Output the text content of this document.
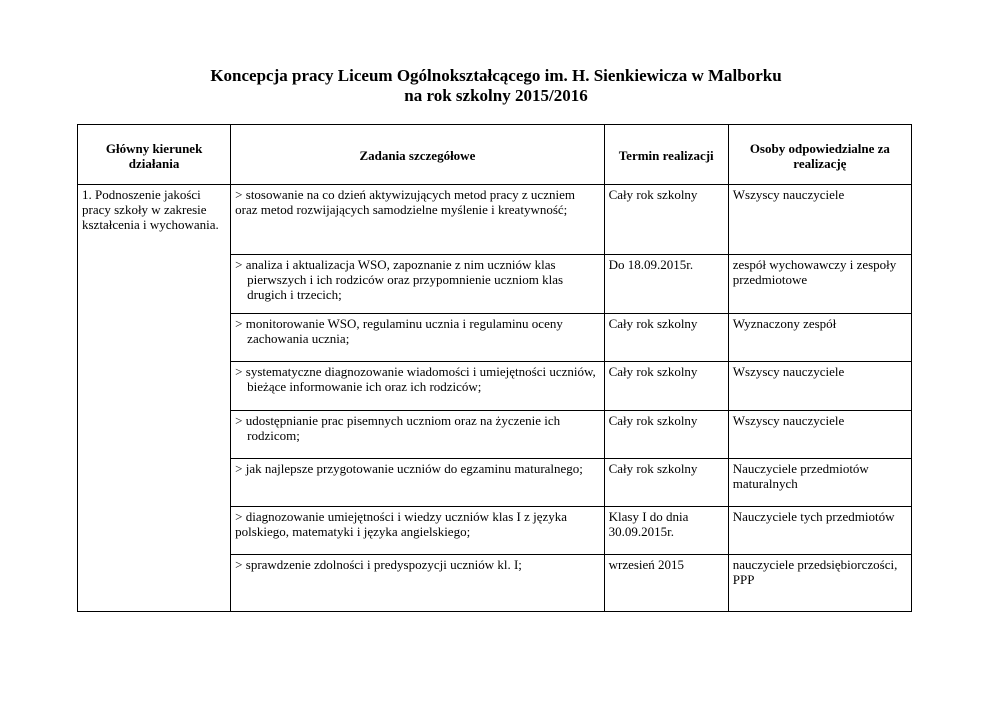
Koncepcja pracy Liceum Ogólnokształcącego im. H. Sienkiewicza w Malborku
na rok szkolny 2015/2016
Główny kierunek działania	Zadania szczegółowe	Termin realizacji	Osoby odpowiedzialne za realizację
1. Podnoszenie jakości pracy szkoły w zakresie kształcenia i wychowania.	> stosowanie na co dzień aktywizujących metod pracy z uczniem oraz metod rozwijających samodzielne myślenie i kreatywność;	Cały rok szkolny	Wszyscy nauczyciele

	> analiza i aktualizacja WSO, zapoznanie z nim uczniów klas pierwszych i ich rodziców oraz przypomnienie uczniom klas drugich i trzecich;	Do 18.09.2015r.	zespół wychowawczy i zespoły przedmiotowe

	> monitorowanie WSO, regulaminu ucznia i regulaminu oceny zachowania ucznia;	Cały rok szkolny	Wyznaczony zespół

	> systematyczne diagnozowanie wiadomości i umiejętności uczniów, bieżące informowanie ich oraz ich rodziców;	Cały rok szkolny	Wszyscy nauczyciele

	> udostępnianie prac pisemnych uczniom oraz na życzenie ich rodzicom;	Cały rok szkolny	Wszyscy nauczyciele

	> jak najlepsze przygotowanie uczniów do egzaminu maturalnego;	Cały rok szkolny	Nauczyciele przedmiotów maturalnych

	> diagnozowanie umiejętności i wiedzy uczniów klas I z języka polskiego, matematyki i języka angielskiego;	Klasy I do dnia 30.09.2015r.	Nauczyciele tych przedmiotów

	> sprawdzenie zdolności i predyspozycji uczniów kl. I;	wrzesień 2015	nauczyciele przedsiębiorczości, PPP
